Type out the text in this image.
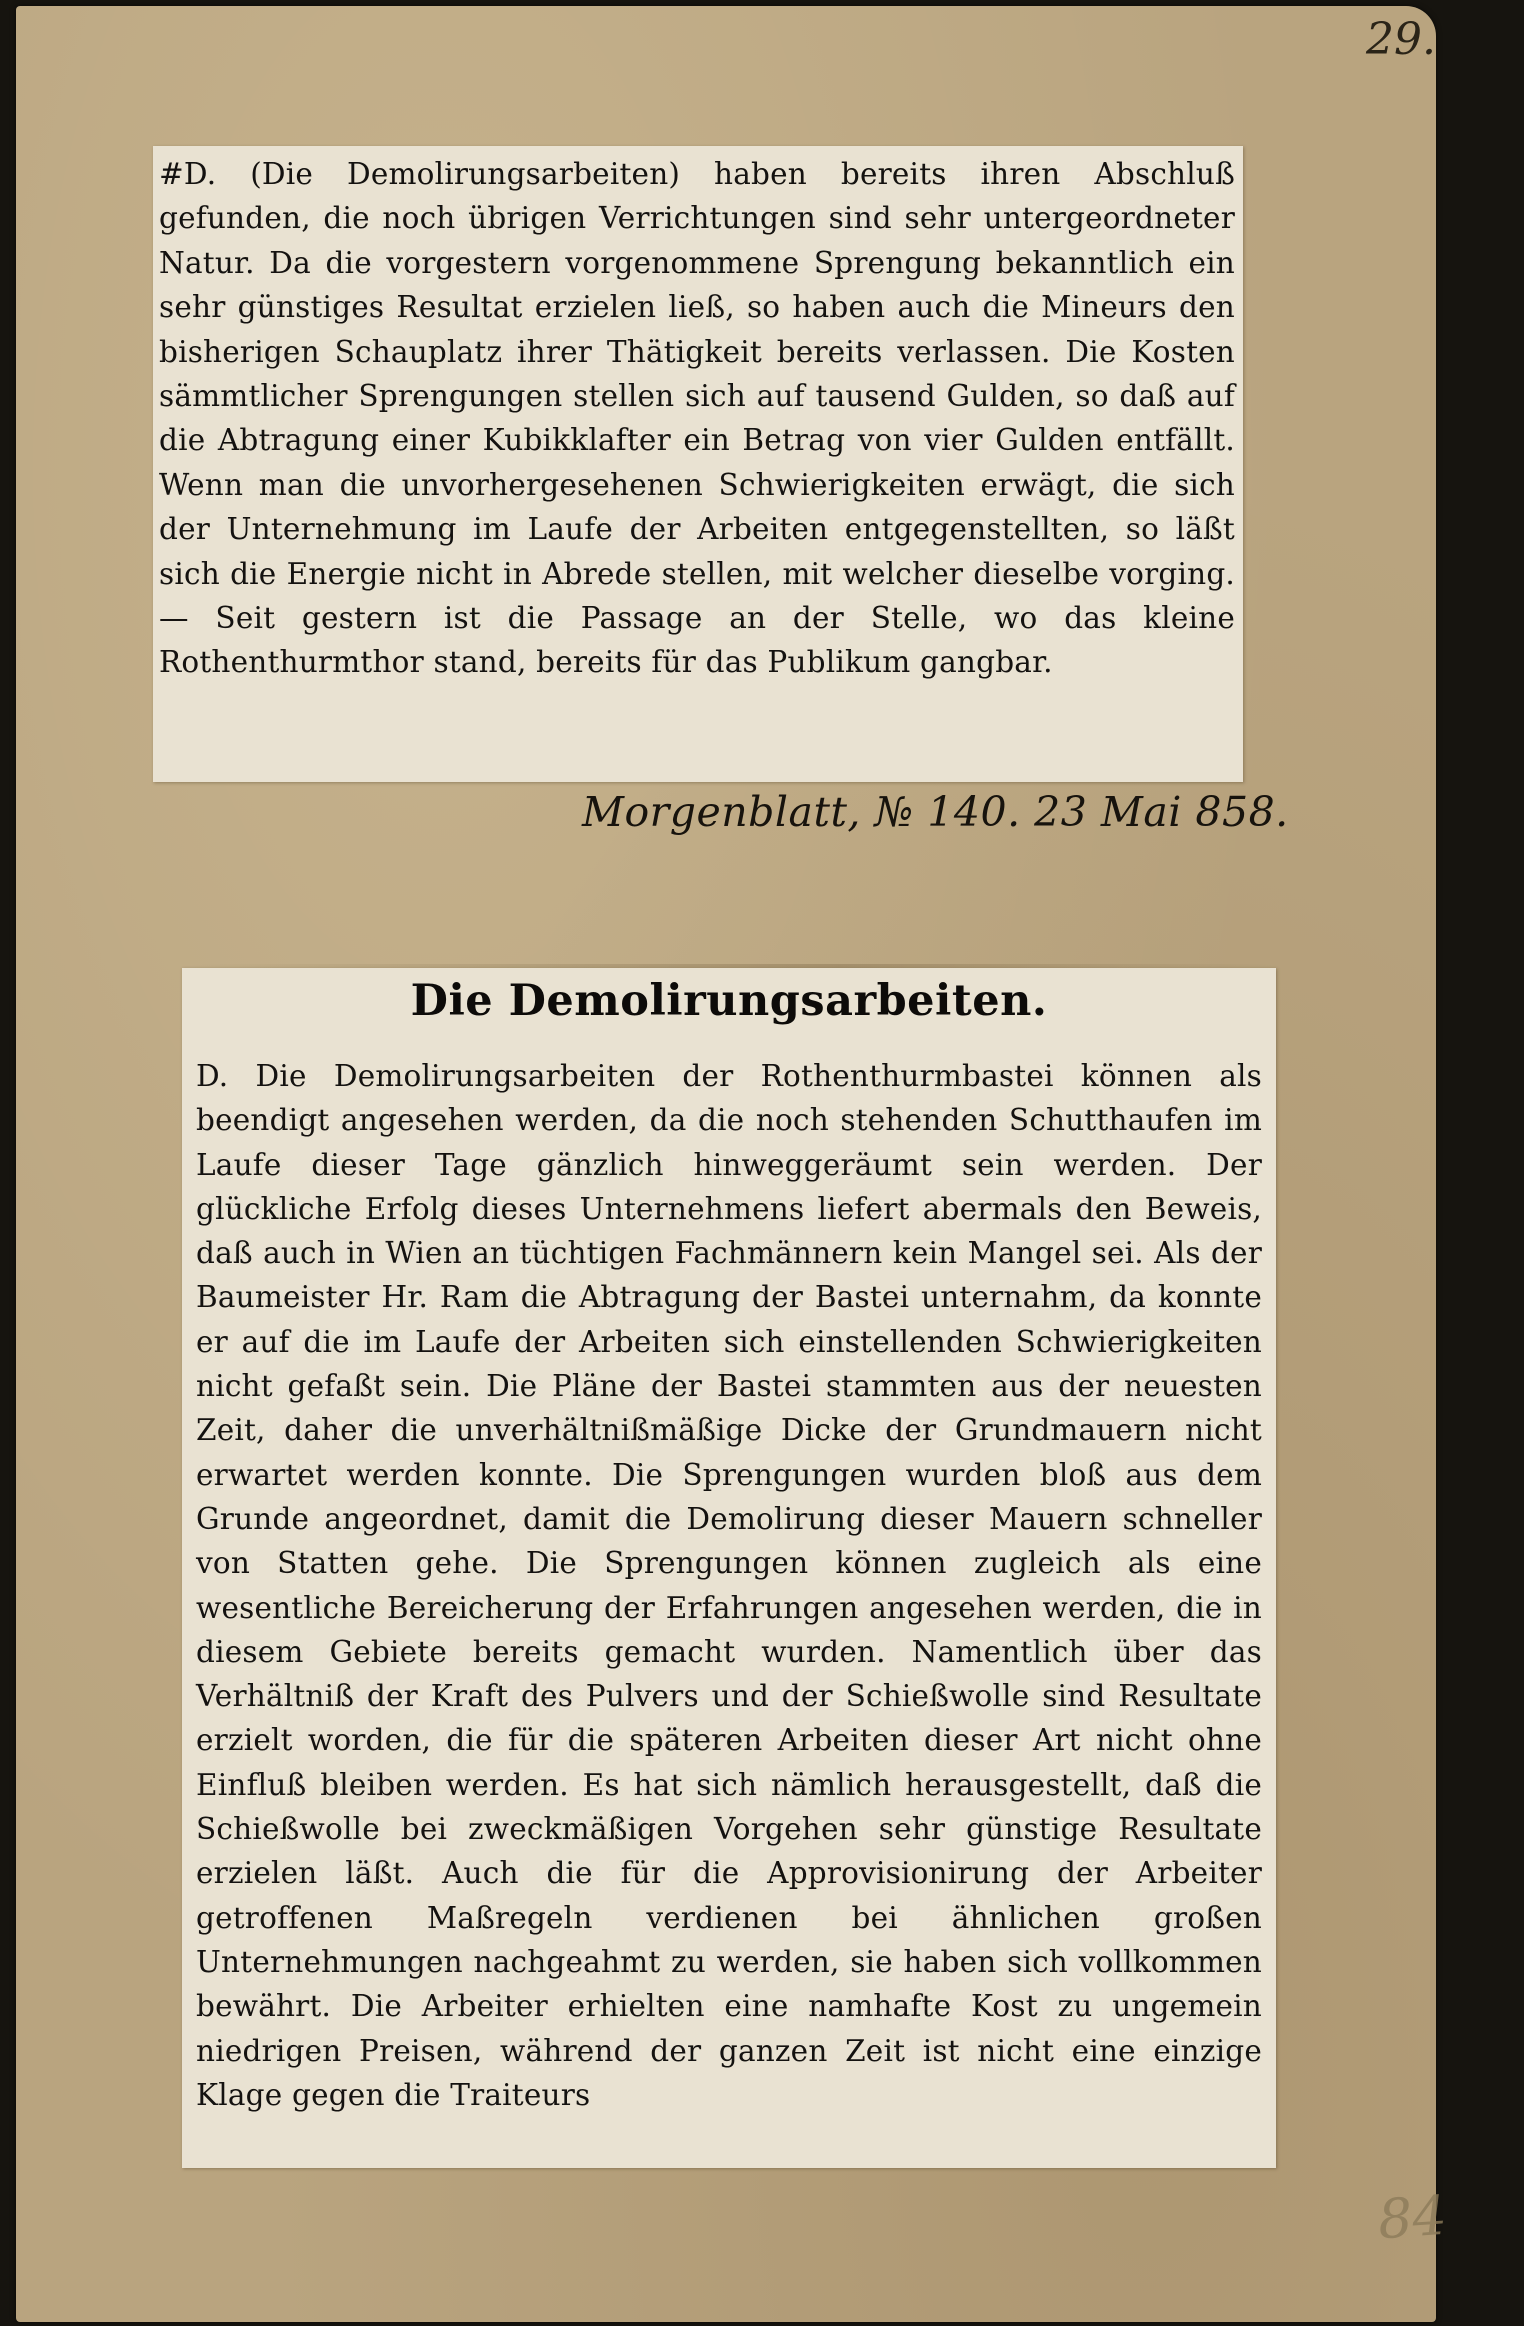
29.
#D. (Die Demolirungsarbeiten) haben bereits ihren Abschluß gefunden, die noch übrigen Verrichtungen sind sehr untergeordneter Natur. Da die vorgestern vorgenommene Sprengung bekanntlich ein sehr günstiges Resultat erzielen ließ, so haben auch die Mineurs den bisherigen Schauplatz ihrer Thätigkeit bereits verlassen. Die Kosten sämmtlicher Sprengungen stellen sich auf tausend Gulden, so daß auf die Abtragung einer Kubikklafter ein Betrag von vier Gulden entfällt. Wenn man die unvorhergesehenen Schwierigkeiten erwägt, die sich der Unternehmung im Laufe der Arbeiten entgegenstellten, so läßt sich die Energie nicht in Abrede stellen, mit welcher dieselbe vorging. — Seit gestern ist die Passage an der Stelle, wo das kleine Rothenthurmthor stand, bereits für das Publikum gangbar.
Morgenblatt, № 140. 23 Mai 858.
Die Demolirungsarbeiten.
D. Die Demolirungsarbeiten der Rothenthurmbastei können als beendigt angesehen werden, da die noch stehenden Schutthaufen im Laufe dieser Tage gänzlich hinweggeräumt sein werden. Der glückliche Erfolg dieses Unternehmens liefert abermals den Beweis, daß auch in Wien an tüchtigen Fachmännern kein Mangel sei. Als der Baumeister Hr. Ram die Abtragung der Bastei unternahm, da konnte er auf die im Laufe der Arbeiten sich einstellenden Schwierigkeiten nicht gefaßt sein. Die Pläne der Bastei stammten aus der neuesten Zeit, daher die unverhältnißmäßige Dicke der Grundmauern nicht erwartet werden konnte. Die Sprengungen wurden bloß aus dem Grunde angeordnet, damit die Demolirung dieser Mauern schneller von Statten gehe. Die Sprengungen können zugleich als eine wesentliche Bereicherung der Erfahrungen angesehen werden, die in diesem Gebiete bereits gemacht wurden. Namentlich über das Verhältniß der Kraft des Pulvers und der Schießwolle sind Resultate erzielt worden, die für die späteren Arbeiten dieser Art nicht ohne Einfluß bleiben werden. Es hat sich nämlich herausgestellt, daß die Schießwolle bei zweckmäßigen Vorgehen sehr günstige Resultate erzielen läßt. Auch die für die Approvisionirung der Arbeiter getroffenen Maßregeln verdienen bei ähnlichen großen Unternehmungen nachgeahmt zu werden, sie haben sich vollkommen bewährt. Die Arbeiter erhielten eine namhafte Kost zu ungemein niedrigen Preisen, während der ganzen Zeit ist nicht eine einzige Klage gegen die Traiteurs
84
